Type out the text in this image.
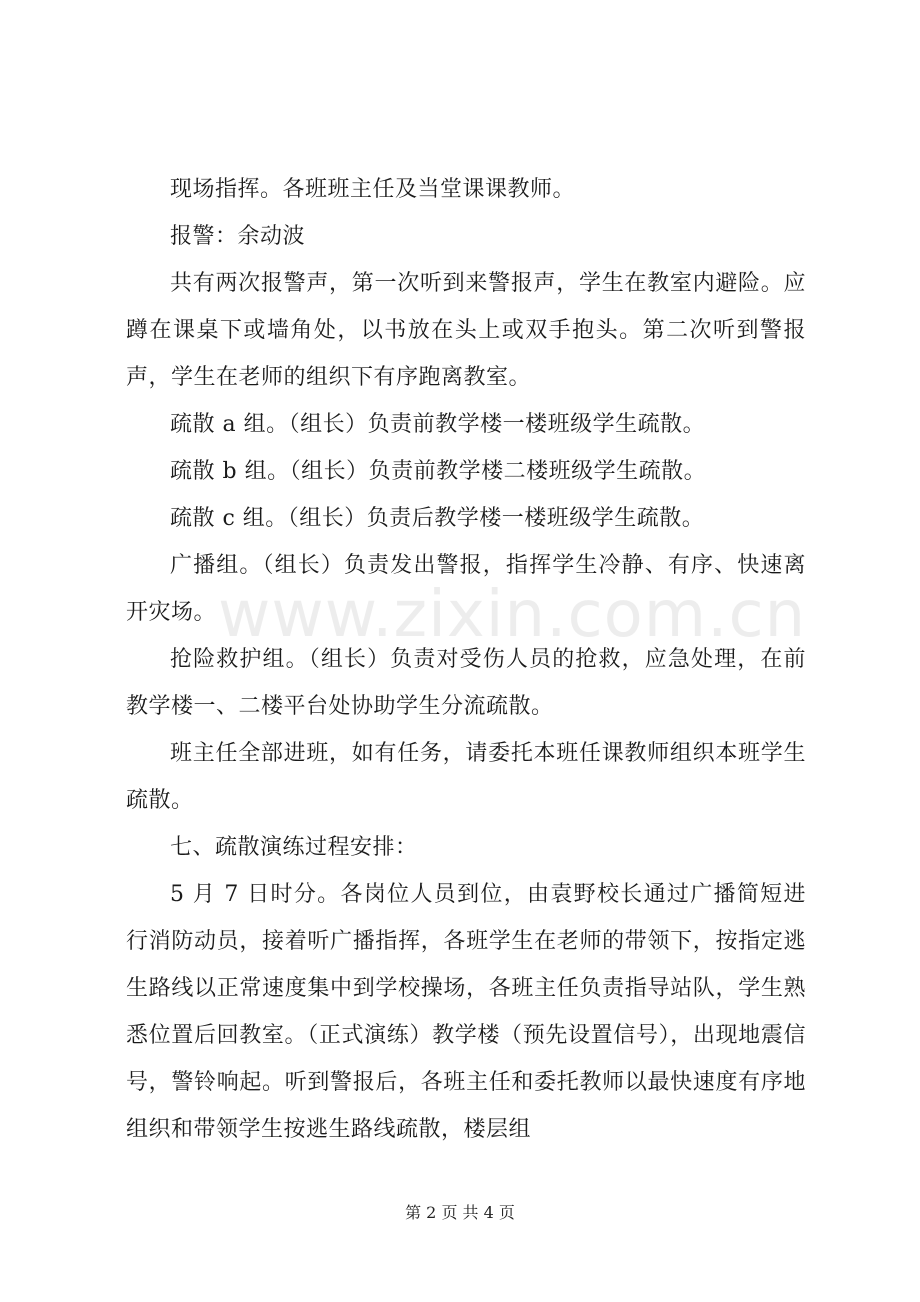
现场指挥。各班班主任及当堂课课教师。

报警：余动波

共有两次报警声，第一次听到来警报声，学生在教室内避险。应蹲在课桌下或墙角处，以书放在头上或双手抱头。第二次听到警报声，学生在老师的组织下有序跑离教室。

疏散 a 组。（组长）负责前教学楼一楼班级学生疏散。

疏散 b 组。（组长）负责前教学楼二楼班级学生疏散。

疏散 c 组。（组长）负责后教学楼一楼班级学生疏散。

广播组。（组长）负责发出警报，指挥学生冷静、有序、快速离开灾场。

抢险救护组。（组长）负责对受伤人员的抢救，应急处理，在前教学楼一、二楼平台处协助学生分流疏散。

班主任全部进班，如有任务，请委托本班任课教师组织本班学生疏散。

七、疏散演练过程安排：

5 月 7 日时分。各岗位人员到位，由袁野校长通过广播简短进行消防动员，接着听广播指挥，各班学生在老师的带领下，按指定逃生路线以正常速度集中到学校操场，各班主任负责指导站队，学生熟悉位置后回教室。（正式演练）教学楼（预先设置信号），出现地震信号，警铃响起。听到警报后，各班主任和委托教师以最快速度有序地组织和带领学生按逃生路线疏散，楼层组

www.zixin.com.cn
第 2 页 共 4 页
